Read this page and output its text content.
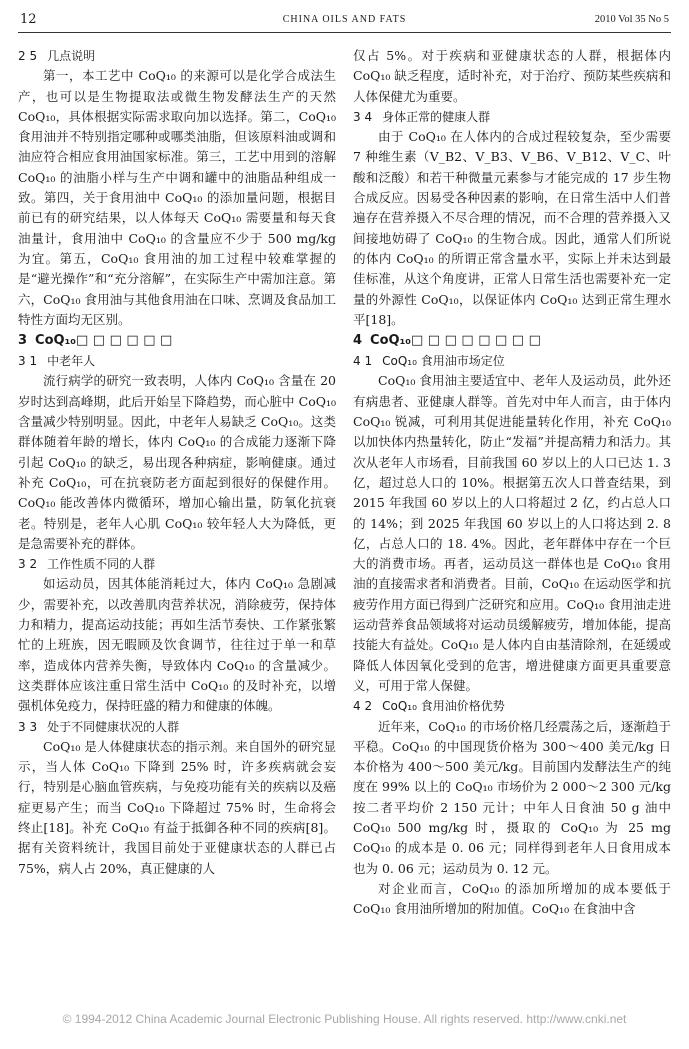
12	CHINA OILS AND FATS	2010 Vol 35 No 5
2 5 几点说明

第一，本工艺中 CoQ₁₀ 的来源可以是化学合成法生产，也可以是生物提取法或微生物发酵法生产的天然 CoQ₁₀，具体根据实际需求取向加以选择。第二，CoQ₁₀ 食用油并不特别指定哪种或哪类油脂，但该原料油或调和油应符合相应食用油国家标准。第三，工艺中用到的溶解 CoQ₁₀ 的油脂小样与生产中调和罐中的油脂品种组成一致。第四，关于食用油中 CoQ₁₀ 的添加量问题，根据目前已有的研究结果，以人体每天 CoQ₁₀ 需要量和每天食油量计，食用油中 CoQ₁₀ 的含量应不少于 500 mg/kg 为宜。第五，CoQ₁₀ 食用油的加工过程中较难掌握的是“避光操作”和“充分溶解”，在实际生产中需加注意。第六，CoQ₁₀ 食用油与其他食用油在口味、烹调及食品加工特性方面均无区别。

3 CoQ₁₀□ □ □ □ □ □
3 1 中老年人

流行病学的研究一致表明，人体内 CoQ₁₀ 含量在 20 岁时达到高峰期，此后开始呈下降趋势，而心脏中 CoQ₁₀ 含量减少特别明显。因此，中老年人易缺乏 CoQ₁₀。这类群体随着年龄的增长，体内 CoQ₁₀ 的合成能力逐渐下降引起 CoQ₁₀ 的缺乏，易出现各种病症，影响健康。通过补充 CoQ₁₀，可在抗衰防老方面起到很好的保健作用。CoQ₁₀ 能改善体内微循环，增加心输出量，防氧化抗衰老。特别是，老年人心肌 CoQ₁₀ 较年轻人大为降低，更是急需要补充的群体。

3 2 工作性质不同的人群

如运动员，因其体能消耗过大，体内 CoQ₁₀ 急剧减少，需要补充，以改善肌肉营养状况，消除疲劳，保持体力和精力，提高运动技能；再如生活节奏快、工作紧张繁忙的上班族，因无暇顾及饮食调节，往往过于单一和草率，造成体内营养失衡，导致体内 CoQ₁₀ 的含量减少。这类群体应该注重日常生活中 CoQ₁₀ 的及时补充，以增强机体免疫力，保持旺盛的精力和健康的体魄。

3 3 处于不同健康状况的人群

CoQ₁₀ 是人体健康状态的指示剂。来自国外的研究显示，当人体 CoQ₁₀ 下降到 25% 时，许多疾病就会妄行，特别是心脑血管疾病，与免疫功能有关的疾病以及癌症更易产生；而当 CoQ₁₀ 下降超过 75% 时，生命将会终止[18]。补充 CoQ₁₀ 有益于抵御各种不同的疾病[8]。据有关资料统计，我国目前处于亚健康状态的人群已占 75%，病人占 20%，真正健康的人

仅占 5%。对于疾病和亚健康状态的人群，根据体内 CoQ₁₀ 缺乏程度，适时补充，对于治疗、预防某些疾病和人体保健尤为重要。

3 4 身体正常的健康人群

由于 CoQ₁₀ 在人体内的合成过程较复杂，至少需要 7 种维生素（V_B2、V_B3、V_B6、V_B12、V_C、叶酸和泛酸）和若干种微量元素参与才能完成的 17 步生物合成反应。因易受各种因素的影响，在日常生活中人们普遍存在营养摄入不尽合理的情况，而不合理的营养摄入又间接地妨碍了 CoQ₁₀ 的生物合成。因此，通常人们所说的体内 CoQ₁₀ 的所谓正常含量水平，实际上并未达到最佳标准，从这个角度讲，正常人日常生活也需要补充一定量的外源性 CoQ₁₀，以保证体内 CoQ₁₀ 达到正常生理水平[18]。

4 CoQ₁₀□ □ □ □ □ □ □ □
4 1 CoQ₁₀ 食用油市场定位

CoQ₁₀ 食用油主要适宜中、老年人及运动员，此外还有病患者、亚健康人群等。首先对中年人而言，由于体内 CoQ₁₀ 锐减，可利用其促进能量转化作用，补充 CoQ₁₀ 以加快体内热量转化，防止“发福”并提高精力和活力。其次从老年人市场看，目前我国 60 岁以上的人口已达 1. 3 亿，超过总人口的 10%。根据第五次人口普查结果，到 2015 年我国 60 岁以上的人口将超过 2 亿，约占总人口的 14%；到 2025 年我国 60 岁以上的人口将达到 2. 8 亿，占总人口的 18. 4%。因此，老年群体中存在一个巨大的消费市场。再者，运动员这一群体也是 CoQ₁₀ 食用油的直接需求者和消费者。目前，CoQ₁₀ 在运动医学和抗疲劳作用方面已得到广泛研究和应用。CoQ₁₀ 食用油走进运动营养食品领域将对运动员缓解疲劳，增加体能，提高技能大有益处。CoQ₁₀ 是人体内自由基清除剂，在延缓或降低人体因氧化受到的危害，增进健康方面更具重要意义，可用于常人保健。

4 2 CoQ₁₀ 食用油价格优势

近年来，CoQ₁₀ 的市场价格几经震荡之后，逐渐趋于平稳。CoQ₁₀ 的中国现货价格为 300～400 美元/kg 日本价格为 400～500 美元/kg。目前国内发酵法生产的纯度在 99% 以上的 CoQ₁₀ 市场价为 2 000～2 300 元/kg 按二者平均价 2 150 元计；中年人日食油 50 g 油中 CoQ₁₀ 500 mg/kg 时，摄取的 CoQ₁₀ 为 25 mg CoQ₁₀ 的成本是 0. 06 元；同样得到老年人日食用成本也为 0. 06 元；运动员为 0. 12 元。

对企业而言，CoQ₁₀ 的添加所增加的成本要低于 CoQ₁₀ 食用油所增加的附加值。CoQ₁₀ 在食油中含

© 1994-2012 China Academic Journal Electronic Publishing House. All rights reserved. http://www.cnki.net
